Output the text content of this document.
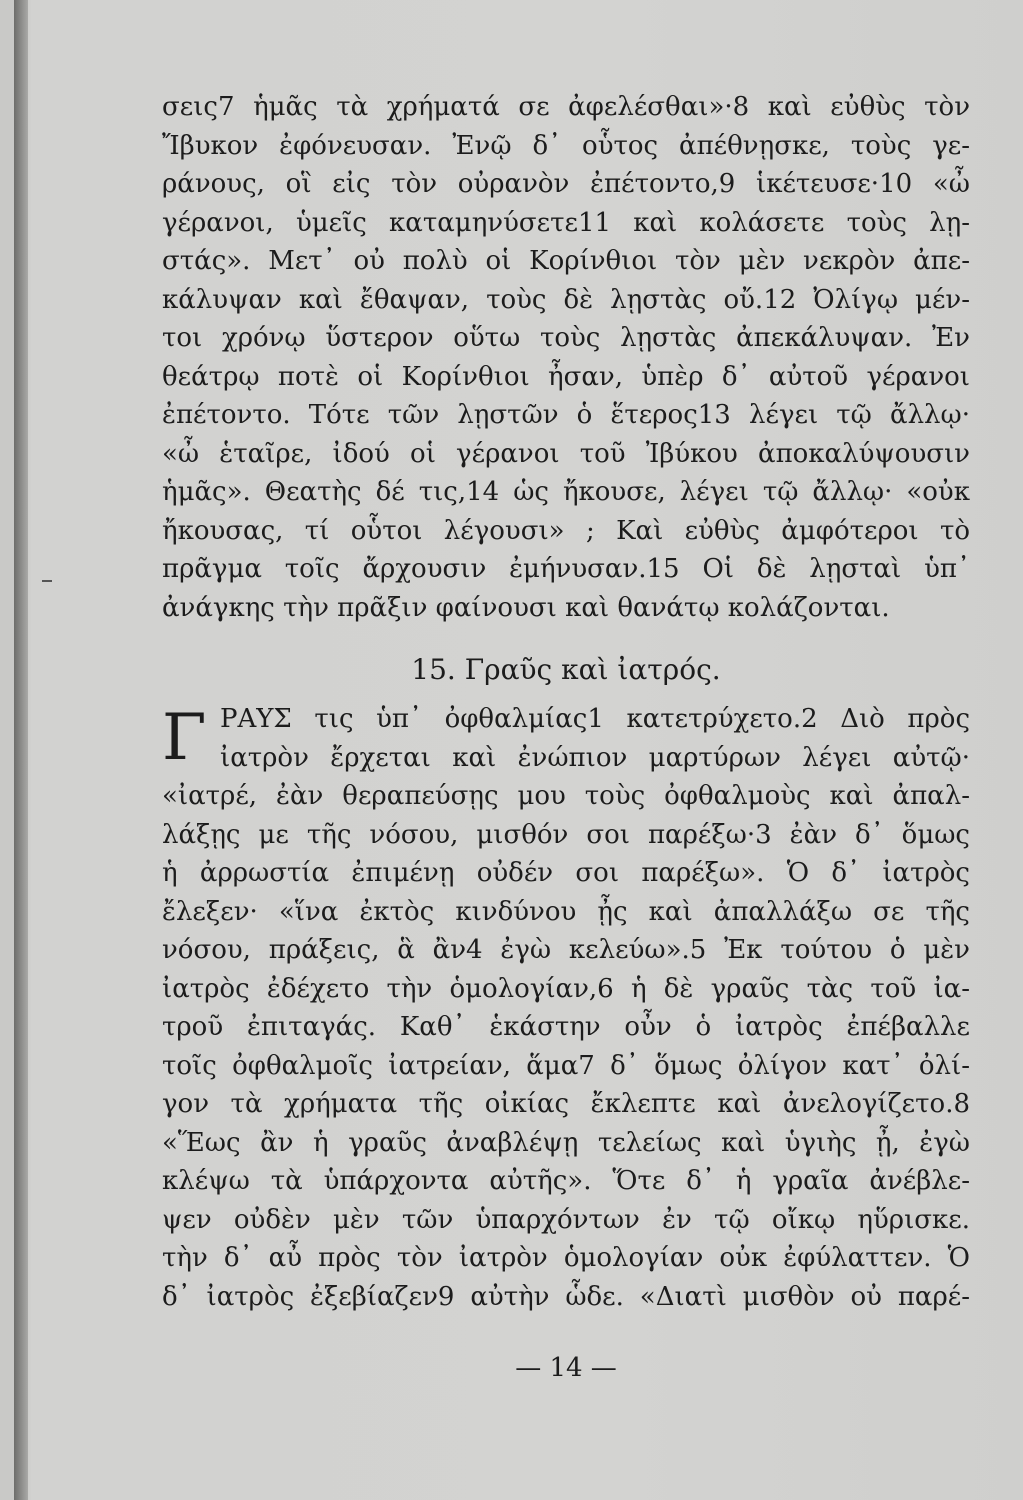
σεις7 ἡμᾶς τὰ χρήματά σε ἀφελέσθαι»·8 καὶ εὐθὺς τὸν
Ἴβυκον ἐφόνευσαν. Ἐνῷ δ᾿ οὗτος ἀπέθνῃσκε, τοὺς γε-
ράνους, οἳ εἰς τὸν οὐρανὸν ἐπέτοντο,9 ἱκέτευσε·10 «ὦ
γέρανοι, ὑμεῖς καταμηνύσετε11 καὶ κολάσετε τοὺς λῃ-
στάς». Μετ᾿ οὐ πολὺ οἱ Κορίνθιοι τὸν μὲν νεκρὸν ἀπε-
κάλυψαν καὶ ἔθαψαν, τοὺς δὲ λῃστὰς οὔ.12 Ὀλίγῳ μέν-
τοι χρόνῳ ὕστερον οὕτω τοὺς λῃστὰς ἀπεκάλυψαν. Ἐν
θεάτρῳ ποτὲ οἱ Κορίνθιοι ἦσαν, ὑπὲρ δ᾿ αὐτοῦ γέρανοι
ἐπέτοντο. Τότε τῶν λῃστῶν ὁ ἕτερος13 λέγει τῷ ἄλλῳ·
«ὦ ἑταῖρε, ἰδού οἱ γέρανοι τοῦ Ἰβύκου ἀποκαλύψουσιν
ἡμᾶς». Θεατὴς δέ τις,14 ὡς ἤκουσε, λέγει τῷ ἄλλῳ· «οὐκ
ἤκουσας, τί οὗτοι λέγουσι» ; Καὶ εὐθὺς ἀμφότεροι τὸ
πρᾶγμα τοῖς ἄρχουσιν ἐμήνυσαν.15 Οἱ δὲ λῃσταὶ ὑπ᾿
ἀνάγκης τὴν πρᾶξιν φαίνουσι καὶ θανάτῳ κολάζονται.
15. Γραῦς καὶ ἰατρός.
Γ ΡΑΥΣ τις ὑπ᾿ ὀφθαλμίας1 κατετρύχετο.2 Διὸ πρὸς
ἰατρὸν ἔρχεται καὶ ἐνώπιον μαρτύρων λέγει αὐτῷ·
«ἰατρέ, ἐὰν θεραπεύσῃς μου τοὺς ὀφθαλμοὺς καὶ ἀπαλ-
λάξῃς με τῆς νόσου, μισθόν σοι παρέξω·3 ἐὰν δ᾿ ὅμως
ἡ ἀρρωστία ἐπιμένῃ οὐδέν σοι παρέξω». Ὁ δ᾿ ἰατρὸς
ἔλεξεν· «ἵνα ἐκτὸς κινδύνου ᾖς καὶ ἀπαλλάξω σε τῆς
νόσου, πράξεις, ἃ ἂν4 ἐγὼ κελεύω».5 Ἐκ τούτου ὁ μὲν
ἰατρὸς ἐδέχετο τὴν ὁμολογίαν,6 ἡ δὲ γραῦς τὰς τοῦ ἰα-
τροῦ ἐπιταγάς. Καθ᾿ ἑκάστην οὖν ὁ ἰατρὸς ἐπέβαλλε
τοῖς ὀφθαλμοῖς ἰατρείαν, ἅμα7 δ᾿ ὅμως ὀλίγον κατ᾿ ὀλί-
γον τὰ χρήματα τῆς οἰκίας ἔκλεπτε καὶ ἀνελογίζετο.8
«Ἕως ἂν ἡ γραῦς ἀναβλέψῃ τελείως καὶ ὑγιὴς ᾖ, ἐγὼ
κλέψω τὰ ὑπάρχοντα αὐτῆς». Ὅτε δ᾿ ἡ γραῖα ἀνέβλε-
ψεν οὐδὲν μὲν τῶν ὑπαρχόντων ἐν τῷ οἴκῳ ηὕρισκε.
τὴν δ᾿ αὖ πρὸς τὸν ἰατρὸν ὁμολογίαν οὐκ ἐφύλαττεν. Ὁ
δ᾿ ἰατρὸς ἐξεβίαζεν9 αὐτὴν ὧδε. «Διατὶ μισθὸν οὐ παρέ-
— 14 —
